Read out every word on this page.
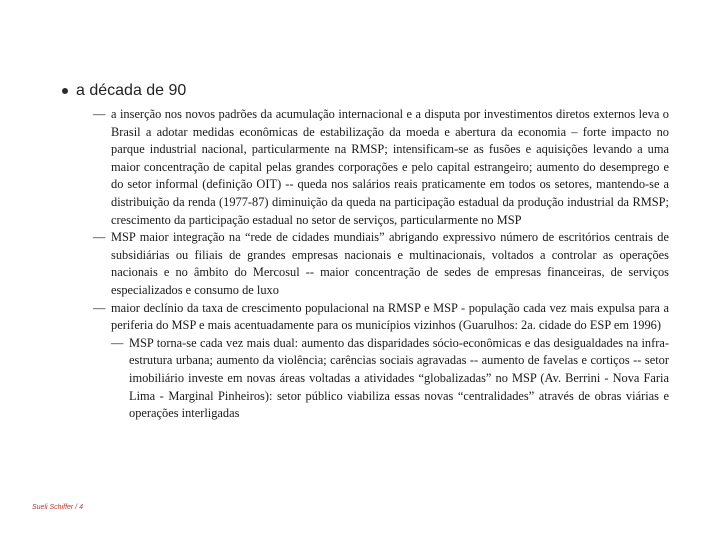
a década de 90
— a inserção nos novos padrões da acumulação internacional e a disputa por investimentos diretos externos leva o Brasil a adotar medidas econômicas de estabilização da moeda e abertura da economia – forte impacto no parque industrial nacional, particularmente na RMSP; intensificam-se as fusões e aquisições levando a uma maior concentração de capital pelas grandes corporações e pelo capital estrangeiro; aumento do desemprego e do setor informal (definição OIT) -- queda nos salários reais praticamente em todos os setores, mantendo-se a distribuição da renda (1977-87) diminuição da queda na participação estadual da produção industrial da RMSP; crescimento da participação estadual no setor de serviços, particularmente no MSP
— MSP maior integração na “rede de cidades mundiais” abrigando expressivo número de escritórios centrais de subsidiárias ou filiais de grandes empresas nacionais e multinacionais, voltados a controlar as operações nacionais e no âmbito do Mercosul -- maior concentração de sedes de empresas financeiras, de serviços especializados e consumo de luxo
— maior declínio da taxa de crescimento populacional na RMSP e MSP - população cada vez mais expulsa para a periferia do MSP e mais acentuadamente para os municípios vizinhos (Guarulhos: 2a. cidade do ESP em 1996)
— MSP torna-se cada vez mais dual: aumento das disparidades sócio-econômicas e das desigualdades na infra-estrutura urbana; aumento da violência; carências sociais agravadas -- aumento de favelas e cortiços -- setor imobiliário investe em novas áreas voltadas a atividades “globalizadas” no MSP (Av. Berrini - Nova Faria Lima - Marginal Pinheiros): setor público viabiliza essas novas “centralidades” através de obras viárias e operações interligadas
Sueli Schiffer / 4
